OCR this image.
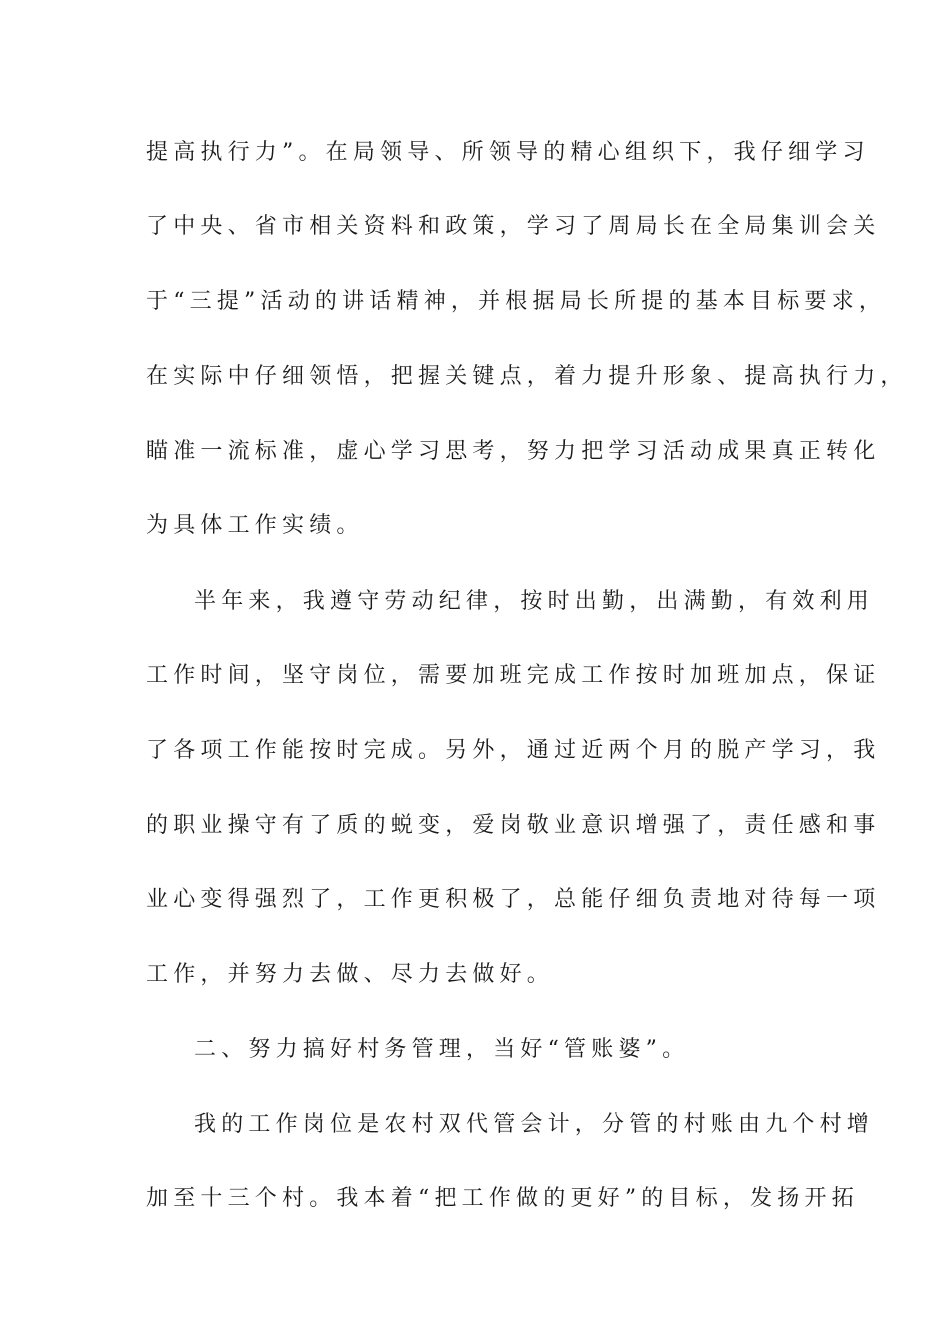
提高执行力”。在局领导、所领导的精心组织下，我仔细学习
了中央、省市相关资料和政策，学习了周局长在全局集训会关
于“三提”活动的讲话精神，并根据局长所提的基本目标要求，
在实际中仔细领悟，把握关键点，着力提升形象、提高执行力，
瞄准一流标准，虚心学习思考，努力把学习活动成果真正转化
为具体工作实绩。
半年来，我遵守劳动纪律，按时出勤，出满勤，有效利用
工作时间，坚守岗位，需要加班完成工作按时加班加点，保证
了各项工作能按时完成。另外，通过近两个月的脱产学习，我
的职业操守有了质的蜕变，爱岗敬业意识增强了，责任感和事
业心变得强烈了，工作更积极了，总能仔细负责地对待每一项
工作，并努力去做、尽力去做好。
二、努力搞好村务管理，当好“管账婆”。
我的工作岗位是农村双代管会计，分管的村账由九个村增
加至十三个村。我本着“把工作做的更好”的目标，发扬开拓
